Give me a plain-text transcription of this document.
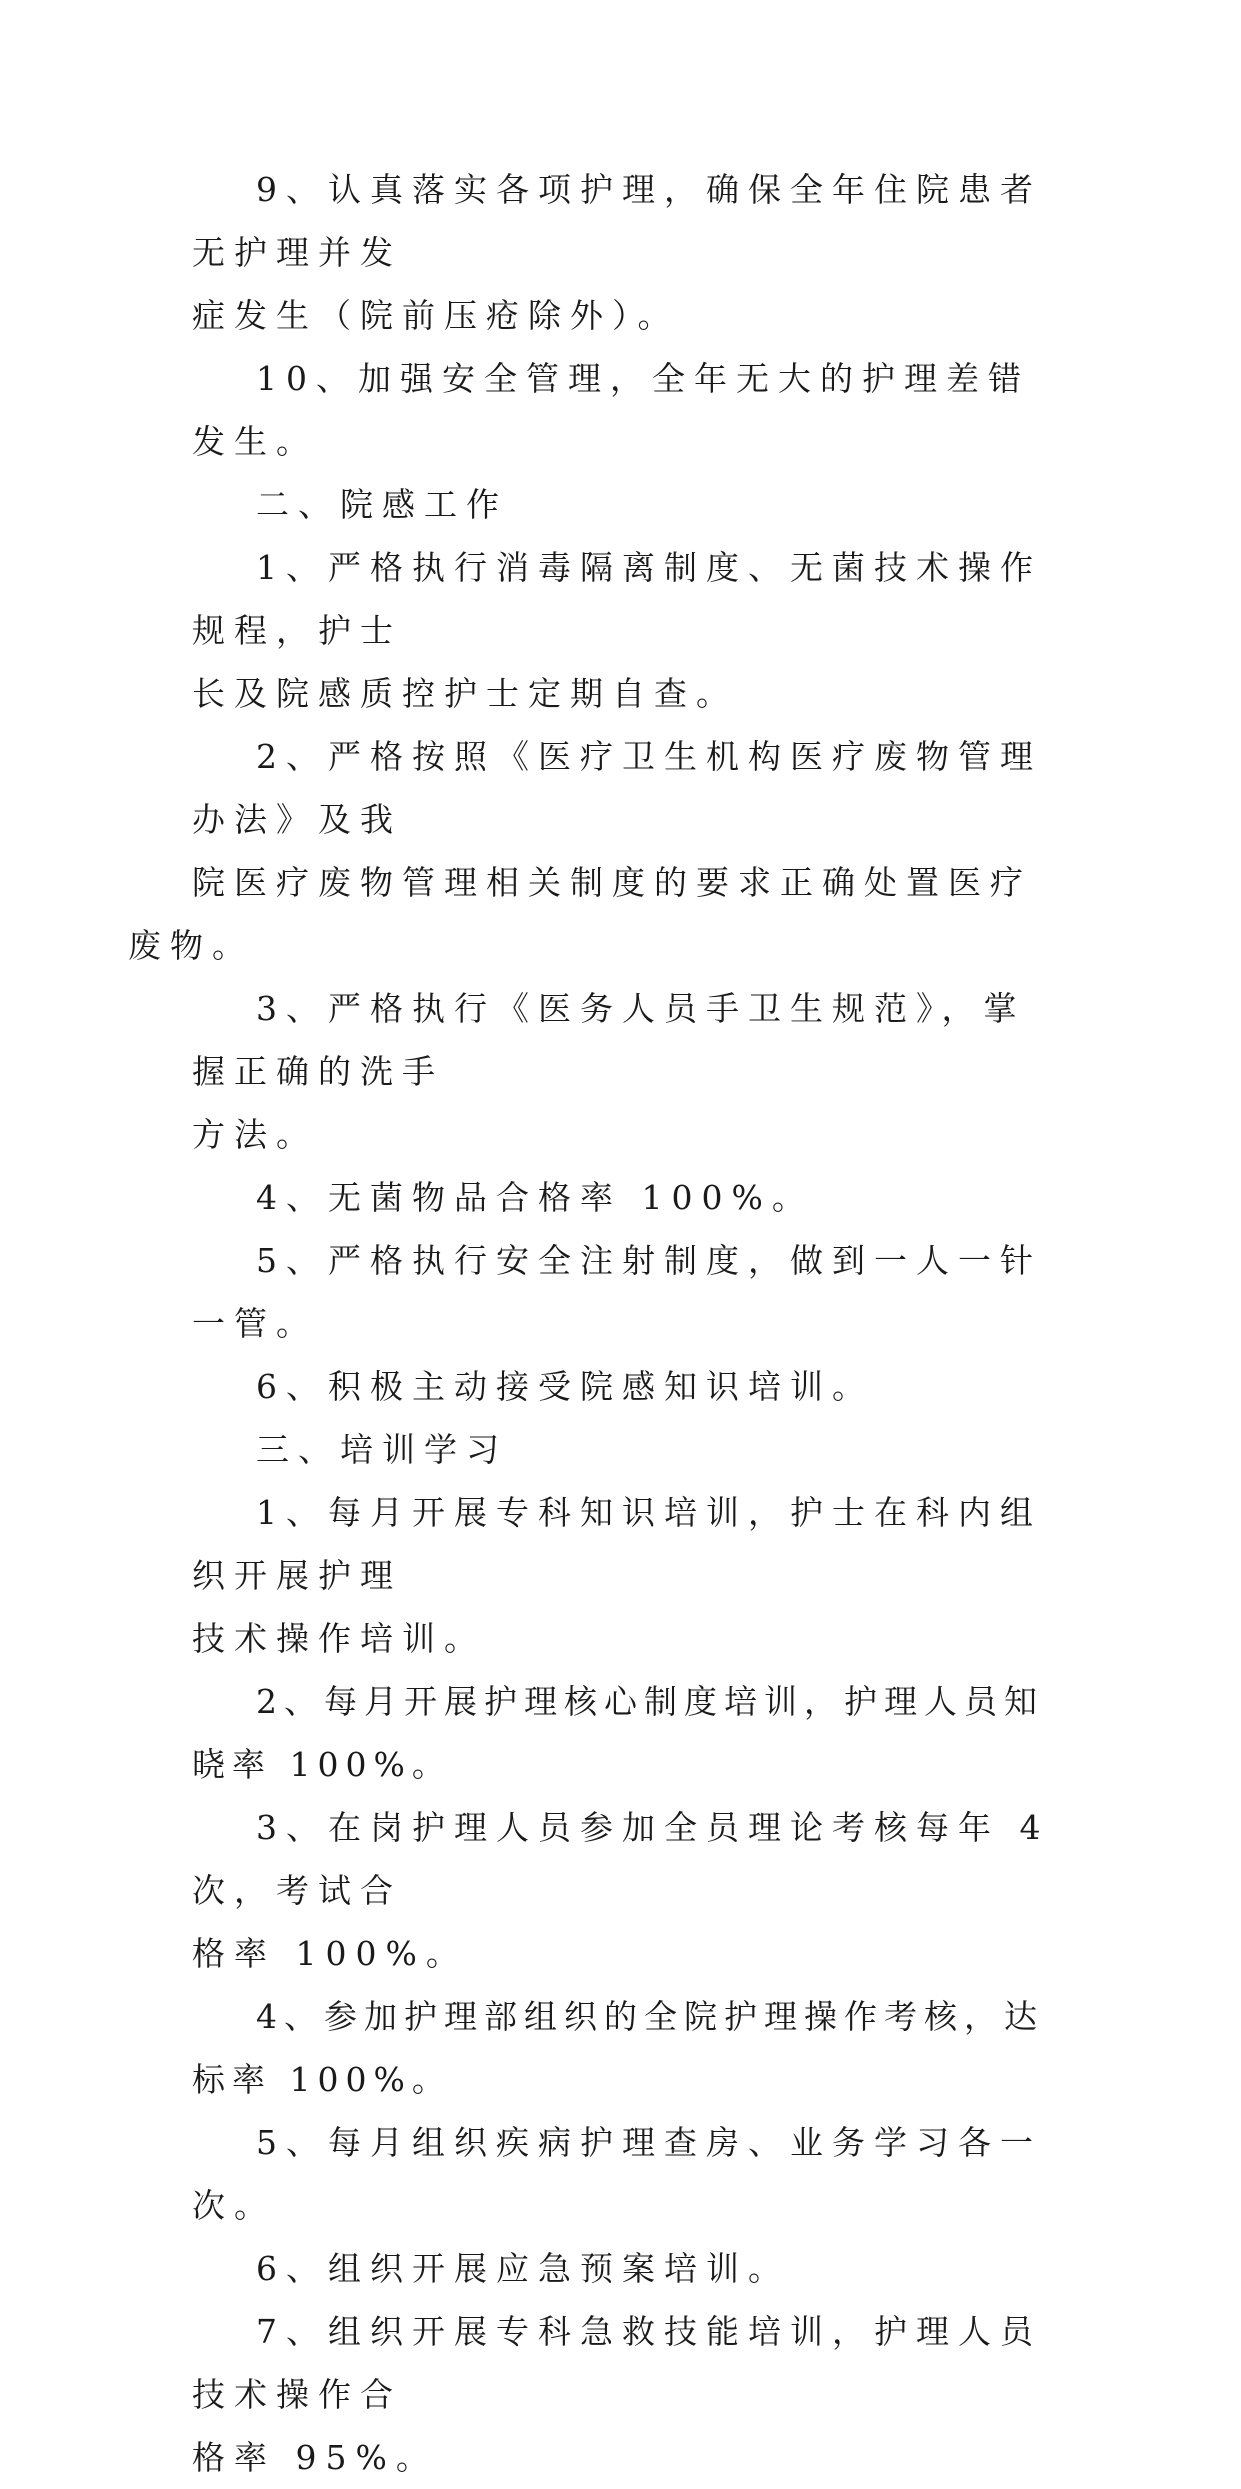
9、认真落实各项护理，确保全年住院患者无护理并发
症发生（院前压疮除外）。

10、加强安全管理，全年无大的护理差错发生。

二、院感工作

1、严格执行消毒隔离制度、无菌技术操作规程，护士
长及院感质控护士定期自查。

2、严格按照《医疗卫生机构医疗废物管理办法》及我
院医疗废物管理相关制度的要求正确处置医疗废物。

3、严格执行《医务人员手卫生规范》，掌握正确的洗手
方法。

4、无菌物品合格率 100%。

5、严格执行安全注射制度，做到一人一针一管。

6、积极主动接受院感知识培训。

三、培训学习

1、每月开展专科知识培训，护士在科内组织开展护理
技术操作培训。

2、每月开展护理核心制度培训，护理人员知晓率 100%。

3、在岗护理人员参加全员理论考核每年 4 次，考试合
格率 100%。

4、参加护理部组织的全院护理操作考核，达标率 100%。

5、每月组织疾病护理查房、业务学习各一次。

6、组织开展应急预案培训。

7、组织开展专科急救技能培训，护理人员技术操作合
格率 95%。
